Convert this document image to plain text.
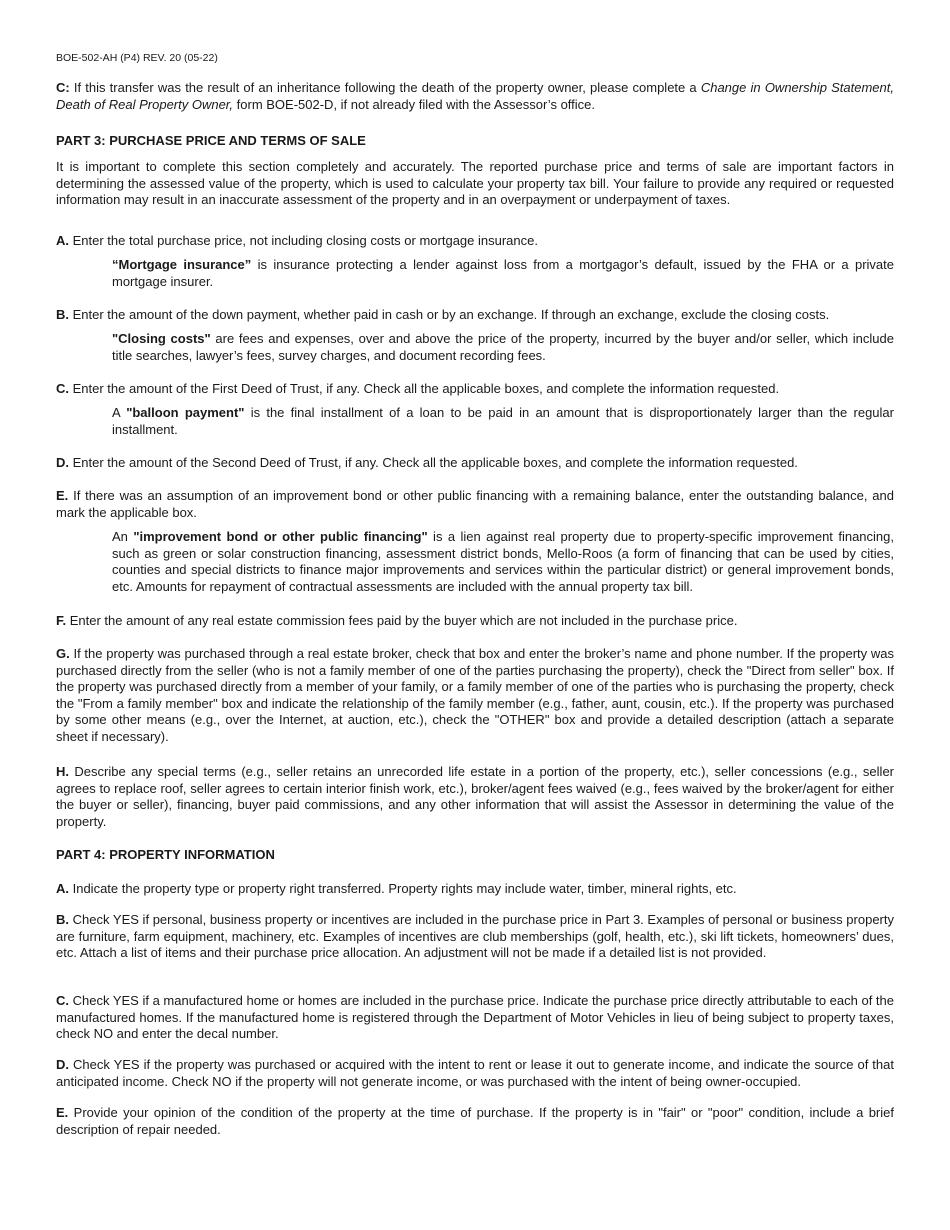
BOE-502-AH (P4) REV. 20 (05-22)

C: If this transfer was the result of an inheritance following the death of the property owner, please complete a Change in Ownership Statement, Death of Real Property Owner, form BOE-502-D, if not already filed with the Assessor’s office.

PART 3: PURCHASE PRICE AND TERMS OF SALE

It is important to complete this section completely and accurately. The reported purchase price and terms of sale are important factors in determining the assessed value of the property, which is used to calculate your property tax bill. Your failure to provide any required or requested information may result in an inaccurate assessment of the property and in an overpayment or underpayment of taxes.

A. Enter the total purchase price, not including closing costs or mortgage insurance.

“Mortgage insurance” is insurance protecting a lender against loss from a mortgagor’s default, issued by the FHA or a private mortgage insurer.

B. Enter the amount of the down payment, whether paid in cash or by an exchange. If through an exchange, exclude the closing costs.

"Closing costs" are fees and expenses, over and above the price of the property, incurred by the buyer and/or seller, which include title searches, lawyer’s fees, survey charges, and document recording fees.

C. Enter the amount of the First Deed of Trust, if any. Check all the applicable boxes, and complete the information requested.

A "balloon payment" is the final installment of a loan to be paid in an amount that is disproportionately larger than the regular installment.

D. Enter the amount of the Second Deed of Trust, if any. Check all the applicable boxes, and complete the information requested.

E. If there was an assumption of an improvement bond or other public financing with a remaining balance, enter the outstanding balance, and mark the applicable box.

An "improvement bond or other public financing" is a lien against real property due to property-specific improvement financing, such as green or solar construction financing, assessment district bonds, Mello-Roos (a form of financing that can be used by cities, counties and special districts to finance major improvements and services within the particular district) or general improvement bonds, etc. Amounts for repayment of contractual assessments are included with the annual property tax bill.

F. Enter the amount of any real estate commission fees paid by the buyer which are not included in the purchase price.

G. If the property was purchased through a real estate broker, check that box and enter the broker’s name and phone number. If the property was purchased directly from the seller (who is not a family member of one of the parties purchasing the property), check the "Direct from seller" box. If the property was purchased directly from a member of your family, or a family member of one of the parties who is purchasing the property, check the "From a family member" box and indicate the relationship of the family member (e.g., father, aunt, cousin, etc.). If the property was purchased by some other means (e.g., over the Internet, at auction, etc.), check the "OTHER" box and provide a detailed description (attach a separate sheet if necessary).

H. Describe any special terms (e.g., seller retains an unrecorded life estate in a portion of the property, etc.), seller concessions (e.g., seller agrees to replace roof, seller agrees to certain interior finish work, etc.), broker/agent fees waived (e.g., fees waived by the broker/agent for either the buyer or seller), financing, buyer paid commissions, and any other information that will assist the Assessor in determining the value of the property.

PART 4: PROPERTY INFORMATION

A. Indicate the property type or property right transferred. Property rights may include water, timber, mineral rights, etc.

B. Check YES if personal, business property or incentives are included in the purchase price in Part 3. Examples of personal or business property are furniture, farm equipment, machinery, etc. Examples of incentives are club memberships (golf, health, etc.), ski lift tickets, homeowners’ dues, etc. Attach a list of items and their purchase price allocation. An adjustment will not be made if a detailed list is not provided.

C. Check YES if a manufactured home or homes are included in the purchase price. Indicate the purchase price directly attributable to each of the manufactured homes. If the manufactured home is registered through the Department of Motor Vehicles in lieu of being subject to property taxes, check NO and enter the decal number.

D. Check YES if the property was purchased or acquired with the intent to rent or lease it out to generate income, and indicate the source of that anticipated income. Check NO if the property will not generate income, or was purchased with the intent of being owner-occupied.

E. Provide your opinion of the condition of the property at the time of purchase. If the property is in "fair" or "poor" condition, include a brief description of repair needed.
